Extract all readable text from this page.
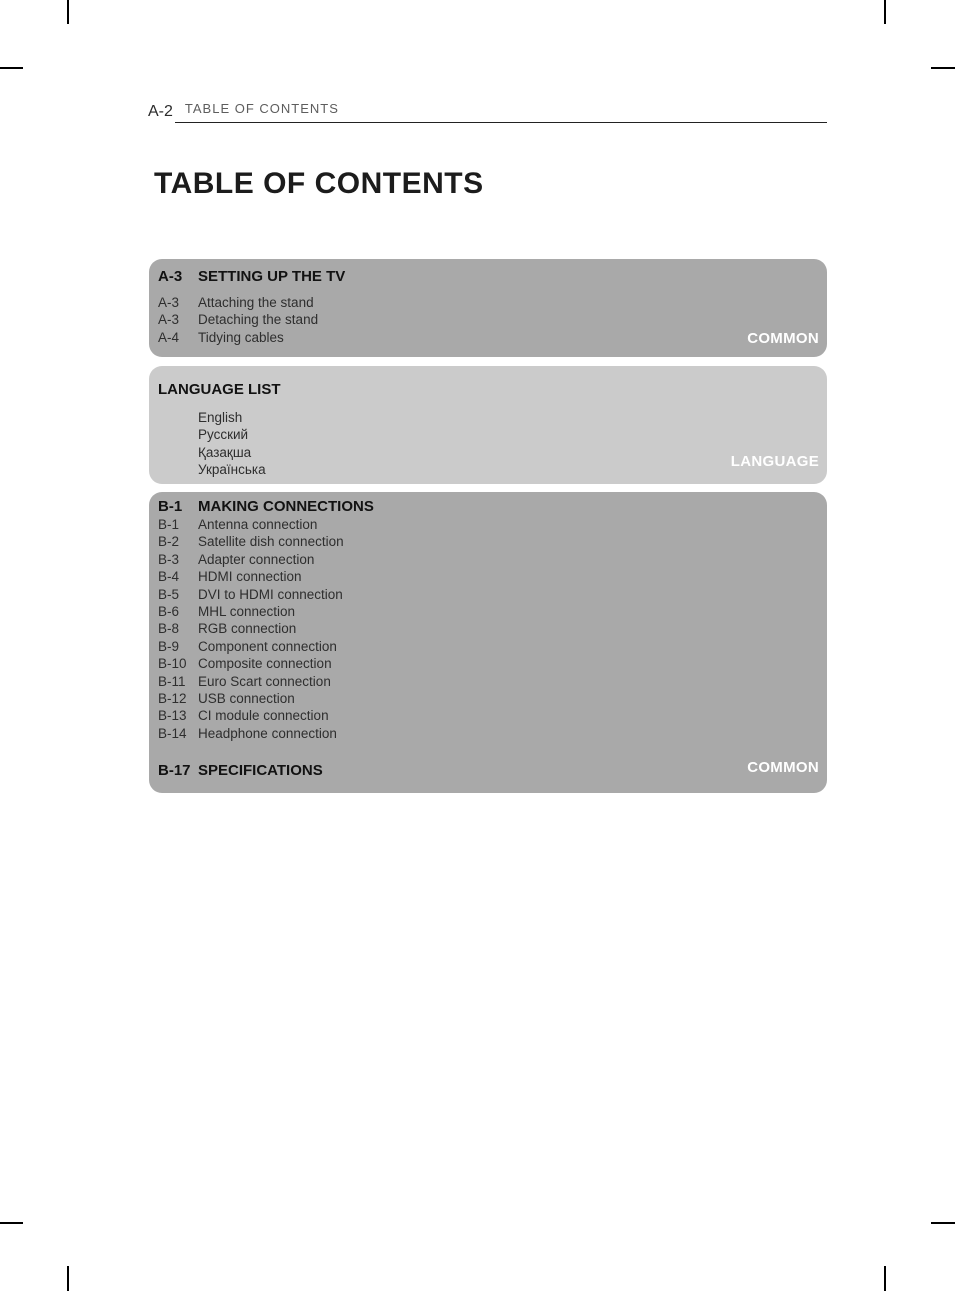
A-2 TABLE OF CONTENTS
TABLE OF CONTENTS
A-3	SETTING UP THE TV
A-3	Attaching the stand
A-3	Detaching the stand
A-4	Tidying cables	COMMON
LANGUAGE LIST
English
Русский
Қазақша
Українська	LANGUAGE
B-1	MAKING CONNECTIONS
B-1	Antenna connection
B-2	Satellite dish connection
B-3	Adapter connection
B-4	HDMI connection
B-5	DVI to HDMI connection
B-6	MHL connection
B-8	RGB connection
B-9	Component connection
B-10 Composite connection
B-11 Euro Scart connection
B-12 USB connection
B-13 CI module connection
B-14 Headphone connection
B-17 SPECIFICATIONS	COMMON
